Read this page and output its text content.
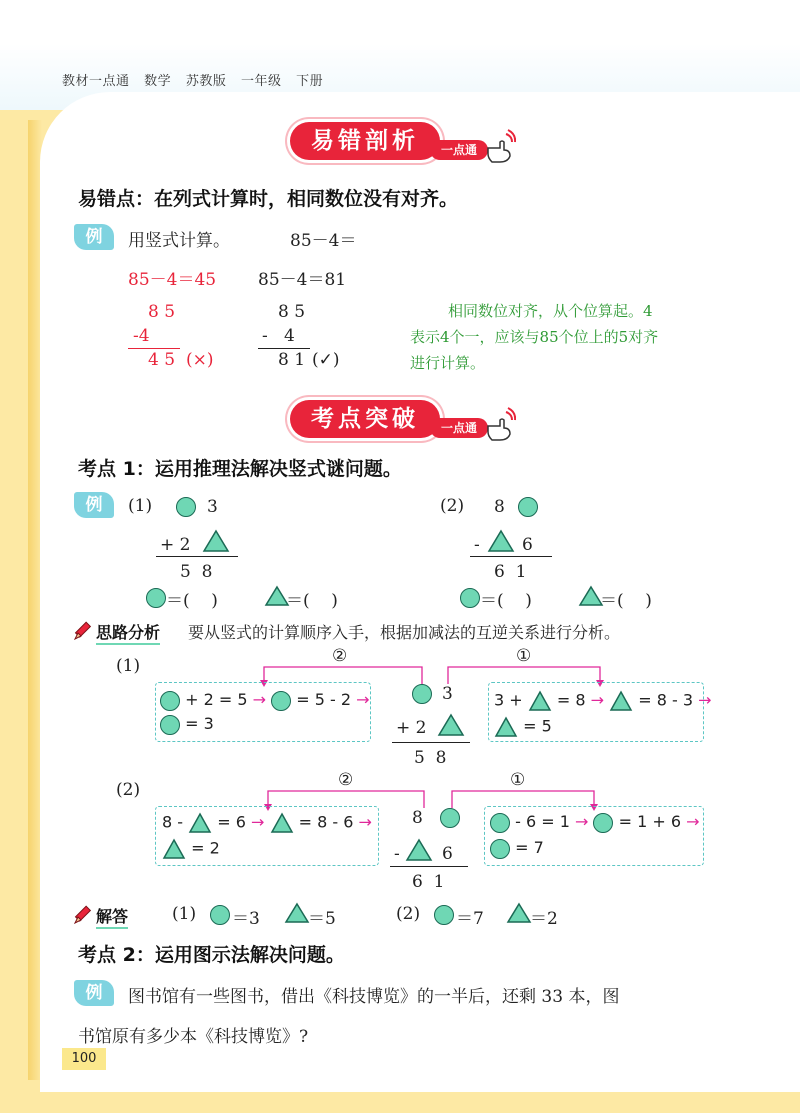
教材一点通 数学 苏教版 一年级 下册
易错剖析	一点通
易错点：在列式计算时，相同数位没有对齐。
例	用竖式计算。	85－4＝
85－4＝45 85－4＝81
8 5
-4
4 5 (×)
8 5
-   4
8 1 (✓)
相同数位对齐，从个位算起。4
表示4个一，应该与85个位上的5对齐
进行计算。
考点突破	一点通
考点 1：运用推理法解决竖式谜问题。
例	(1)	3
+ 2
5  8
(2) 8
- 6
6  1
＝(    )	＝(    )	＝(    )	＝(    )
思路分析 要从竖式的计算顺序入手，根据加减法的互逆关系进行分析。
(1)	②	①
+ 2 = 5 → = 5 - 2 →
= 3
3
+ 2
5  8
3 + = 8 → = 8 - 3 →
= 5
(2)	②	①
8 - = 6 → = 8 - 6 →
= 2
8
- 6
6  1
- 6 = 1 → = 1 + 6 →
= 7
解答	(1) ＝3	＝5	(2) ＝7	＝2
考点 2：运用图示法解决问题。
例	图书馆有一些图书，借出《科技博览》的一半后，还剩 33 本，图
书馆原有多少本《科技博览》?
100
